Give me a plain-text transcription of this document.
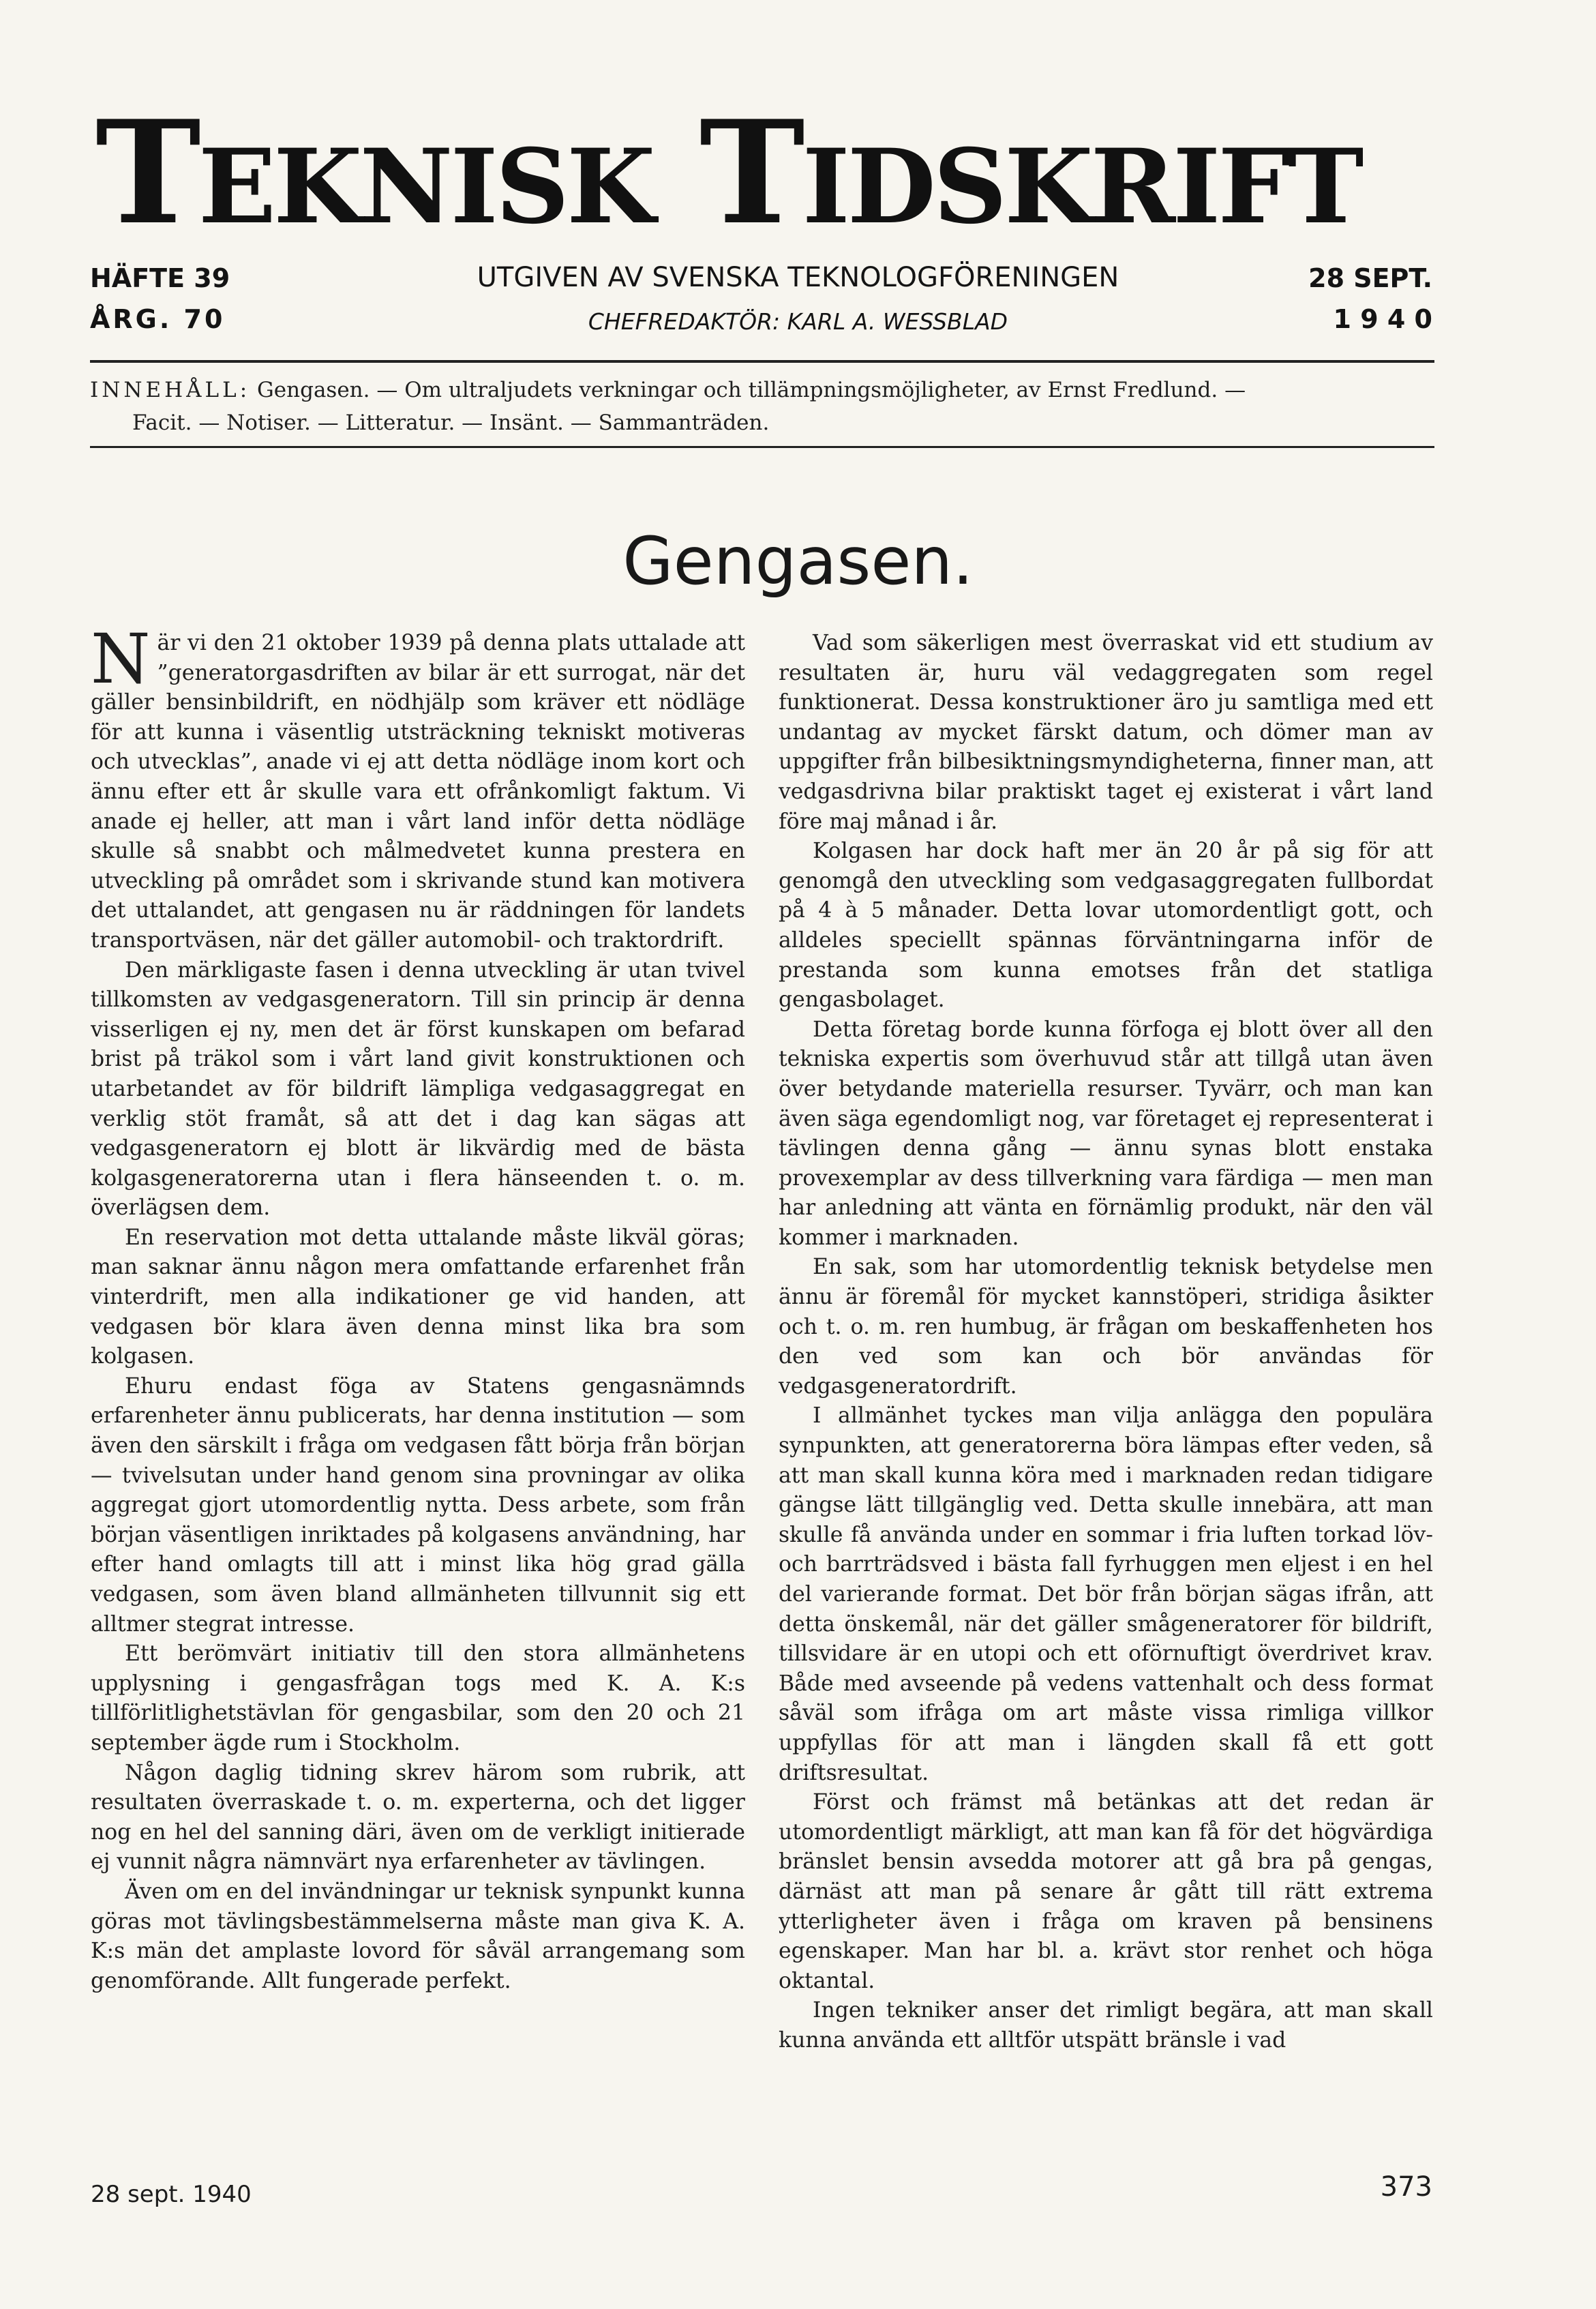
TEKNISK TIDSKRIFT
HÄFTE 39
ÅRG. 70
UTGIVEN AV SVENSKA TEKNOLOGFÖRENINGEN
CHEFREDAKTÖR: KARL A. WESSBLAD
28 SEPT.
1 9 4 0
INNEHÅLL: Gengasen. — Om ultraljudets verkningar och tillämpningsmöjligheter, av Ernst Fredlund. —
Facit. — Notiser. — Litteratur. — Insänt. — Sammanträden.
Gengasen.

När vi den 21 oktober 1939 på denna plats uttalade att ”generatorgasdriften av bilar är ett surrogat, när det gäller bensinbildrift, en nödhjälp som kräver ett nödläge för att kunna i väsentlig utsträckning tekniskt motiveras och utvecklas”, anade vi ej att detta nödläge inom kort och ännu efter ett år skulle vara ett ofrånkomligt faktum. Vi anade ej heller, att man i vårt land inför detta nödläge skulle så snabbt och målmedvetet kunna prestera en utveckling på området som i skrivande stund kan motivera det uttalandet, att gengasen nu är räddningen för landets transportväsen, när det gäller automobil- och traktordrift.

Den märkligaste fasen i denna utveckling är utan tvivel tillkomsten av vedgasgeneratorn. Till sin princip är denna visserligen ej ny, men det är först kunskapen om befarad brist på träkol som i vårt land givit konstruktionen och utarbetandet av för bildrift lämpliga vedgasaggregat en verklig stöt framåt, så att det i dag kan sägas att vedgasgeneratorn ej blott är likvärdig med de bästa kolgasgeneratorerna utan i flera hänseenden t. o. m. överlägsen dem.

En reservation mot detta uttalande måste likväl göras; man saknar ännu någon mera omfattande erfarenhet från vinterdrift, men alla indikationer ge vid handen, att vedgasen bör klara även denna minst lika bra som kolgasen.

Ehuru endast föga av Statens gengasnämnds erfarenheter ännu publicerats, har denna institution — som även den särskilt i fråga om vedgasen fått börja från början — tvivelsutan under hand genom sina provningar av olika aggregat gjort utomordentlig nytta. Dess arbete, som från början väsentligen inriktades på kolgasens användning, har efter hand omlagts till att i minst lika hög grad gälla vedgasen, som även bland allmänheten tillvunnit sig ett alltmer stegrat intresse.

Ett berömvärt initiativ till den stora allmänhetens upplysning i gengasfrågan togs med K. A. K:s tillförlitlighetstävlan för gengasbilar, som den 20 och 21 september ägde rum i Stockholm.

Någon daglig tidning skrev härom som rubrik, att resultaten överraskade t. o. m. experterna, och det ligger nog en hel del sanning däri, även om de verkligt initierade ej vunnit några nämnvärt nya erfarenheter av tävlingen.

Även om en del invändningar ur teknisk synpunkt kunna göras mot tävlingsbestämmelserna måste man giva K. A. K:s män det amplaste lovord för såväl arrangemang som genomförande. Allt fungerade perfekt.

Vad som säkerligen mest överraskat vid ett studium av resultaten är, huru väl vedaggregaten som regel funktionerat. Dessa konstruktioner äro ju samtliga med ett undantag av mycket färskt datum, och dömer man av uppgifter från bilbesiktningsmyndigheterna, finner man, att vedgasdrivna bilar praktiskt taget ej existerat i vårt land före maj månad i år.

Kolgasen har dock haft mer än 20 år på sig för att genomgå den utveckling som vedgasaggregaten fullbordat på 4 à 5 månader. Detta lovar utomordentligt gott, och alldeles speciellt spännas förväntningarna inför de prestanda som kunna emotses från det statliga gengasbolaget.

Detta företag borde kunna förfoga ej blott över all den tekniska expertis som överhuvud står att tillgå utan även över betydande materiella resurser. Tyvärr, och man kan även säga egendomligt nog, var företaget ej representerat i tävlingen denna gång — ännu synas blott enstaka provexemplar av dess tillverkning vara färdiga — men man har anledning att vänta en förnämlig produkt, när den väl kommer i marknaden.

En sak, som har utomordentlig teknisk betydelse men ännu är föremål för mycket kannstöperi, stridiga åsikter och t. o. m. ren humbug, är frågan om beskaffenheten hos den ved som kan och bör användas för vedgasgeneratordrift.

I allmänhet tyckes man vilja anlägga den populära synpunkten, att generatorerna böra lämpas efter veden, så att man skall kunna köra med i marknaden redan tidigare gängse lätt tillgänglig ved. Detta skulle innebära, att man skulle få använda under en sommar i fria luften torkad löv- och barrträdsved i bästa fall fyrhuggen men eljest i en hel del varierande format. Det bör från början sägas ifrån, att detta önskemål, när det gäller smågeneratorer för bildrift, tillsvidare är en utopi och ett oförnuftigt överdrivet krav. Både med avseende på vedens vattenhalt och dess format såväl som ifråga om art måste vissa rimliga villkor uppfyllas för att man i längden skall få ett gott driftsresultat.

Först och främst må betänkas att det redan är utomordentligt märkligt, att man kan få för det högvärdiga bränslet bensin avsedda motorer att gå bra på gengas, därnäst att man på senare år gått till rätt extrema ytterligheter även i fråga om kraven på bensinens egenskaper. Man har bl. a. krävt stor renhet och höga oktantal.

Ingen tekniker anser det rimligt begära, att man skall kunna använda ett alltför utspätt bränsle i vad

28 sept. 1940	373
